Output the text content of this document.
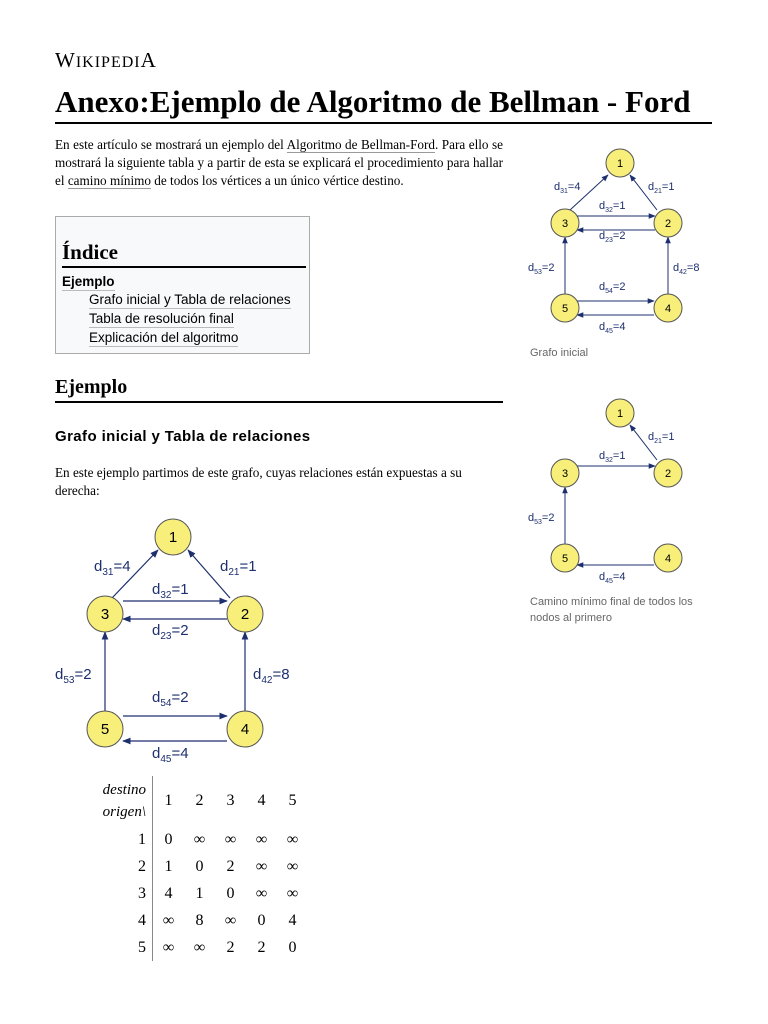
WIKIPEDIA
Anexo:Ejemplo de Algoritmo de Bellman - Ford

En este artículo se mostrará un ejemplo del Algoritmo de Bellman-Ford. Para ello se mostrará la siguiente tabla y a partir de esta se explicará el procedimiento para hallar el camino mínimo de todos los vértices a un único vértice destino.

Índice
Ejemplo
Grafo inicial y Tabla de relaciones
Tabla de resolución final
Explicación del algoritmo
Ejemplo
Grafo inicial y Tabla de relaciones

En este ejemplo partimos de este grafo, cuyas relaciones están expuestas a su derecha:

1
2
3
4
5
$d_{31}=4$	$d_{21}=1$
$d_{32}=1$
$d_{23}=2$
$d_{53}=2$	$d_{42}=8$
$d_{54}=2$
$d_{45}=4$
Grafo inicial
1
2
3
4
5
$d_{21}=1$
$d_{32}=1$
$d_{53}=2$
$d_{45}=4$
Camino mínimo final de todos los
nodos al primero
1
2
3
4
5
$d_{31}=4$	$d_{21}=1$
$d_{32}=1$
$d_{23}=2$
$d_{53}=2$	$d_{42}=8$
$d_{54}=2$
$d_{45}=4$
destino
origen\	1	2	3	4	5
1	0	∞	∞	∞	∞
2	1	0	2	∞	∞
3	4	1	0	∞	∞
4	∞	8	∞	0	4
5	∞	∞	2	2	0
